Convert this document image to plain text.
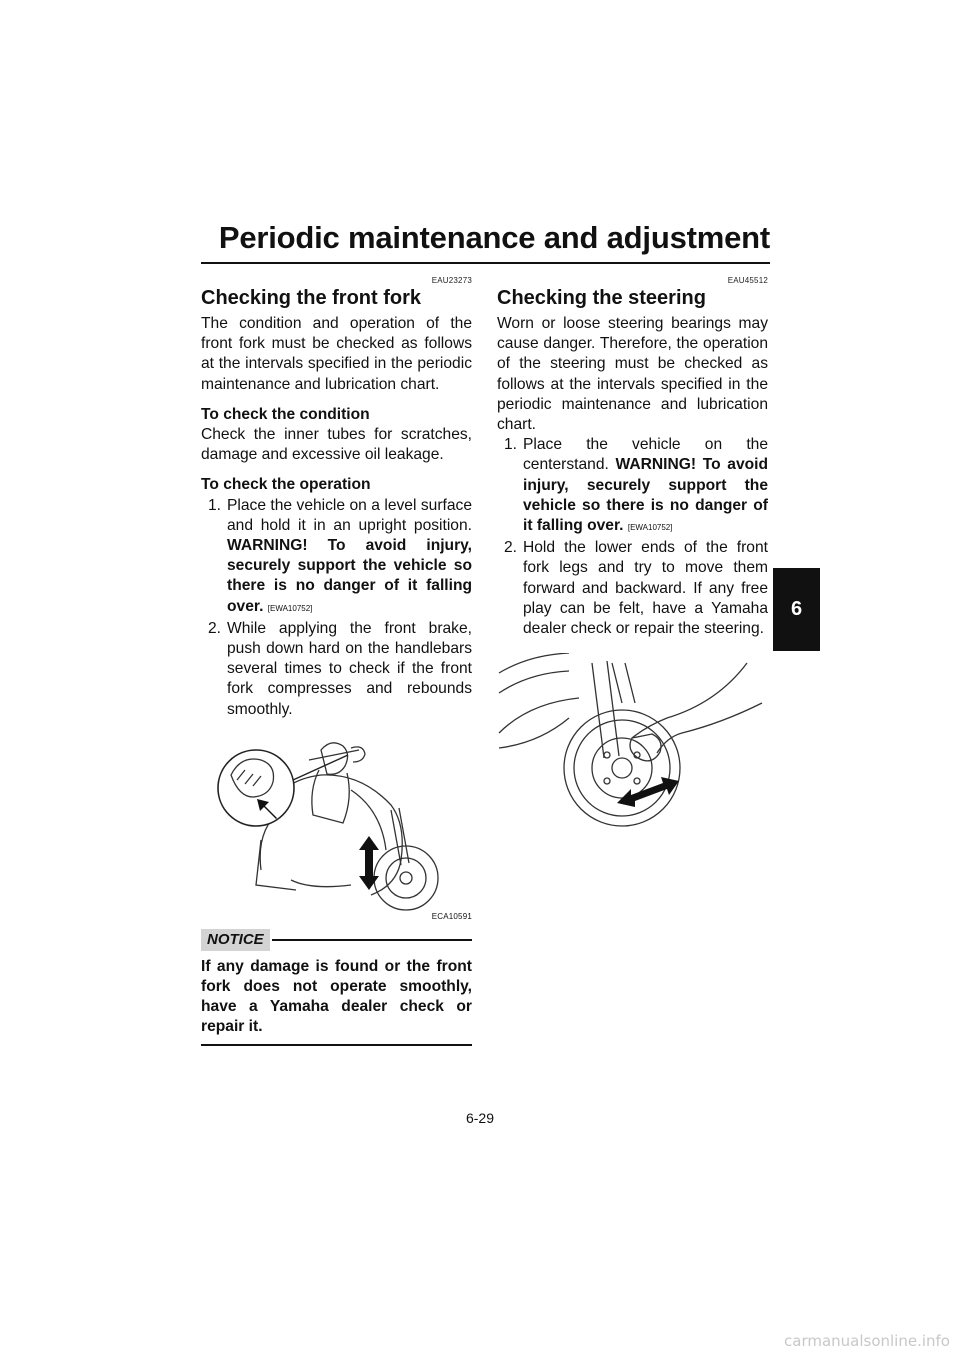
Periodic maintenance and adjustment
6
EAU23273
Checking the front fork

The condition and operation of the front fork must be checked as follows at the intervals specified in the periodic maintenance and lubrication chart.

To check the condition

Check the inner tubes for scratches, damage and excessive oil leakage.

To check the operation
1. Place the vehicle on a level surface and hold it in an upright position. WARNING! To avoid injury, securely support the vehicle so there is no danger of it falling over. [EWA10752]
2. While applying the front brake, push down hard on the handlebars several times to check if the front fork compresses and rebounds smoothly.
ECA10591
NOTICE
If any damage is found or the front fork does not operate smoothly, have a Yamaha dealer check or repair it.
EAU45512
Checking the steering

Worn or loose steering bearings may cause danger. Therefore, the operation of the steering must be checked as follows at the intervals specified in the periodic maintenance and lubrication chart.

1. Place the vehicle on the centerstand. WARNING! To avoid injury, securely support the vehicle so there is no danger of it falling over. [EWA10752]
2. Hold the lower ends of the front fork legs and try to move them forward and backward. If any free play can be felt, have a Yamaha dealer check or repair the steering.
6-29
carmanualsonline.info
